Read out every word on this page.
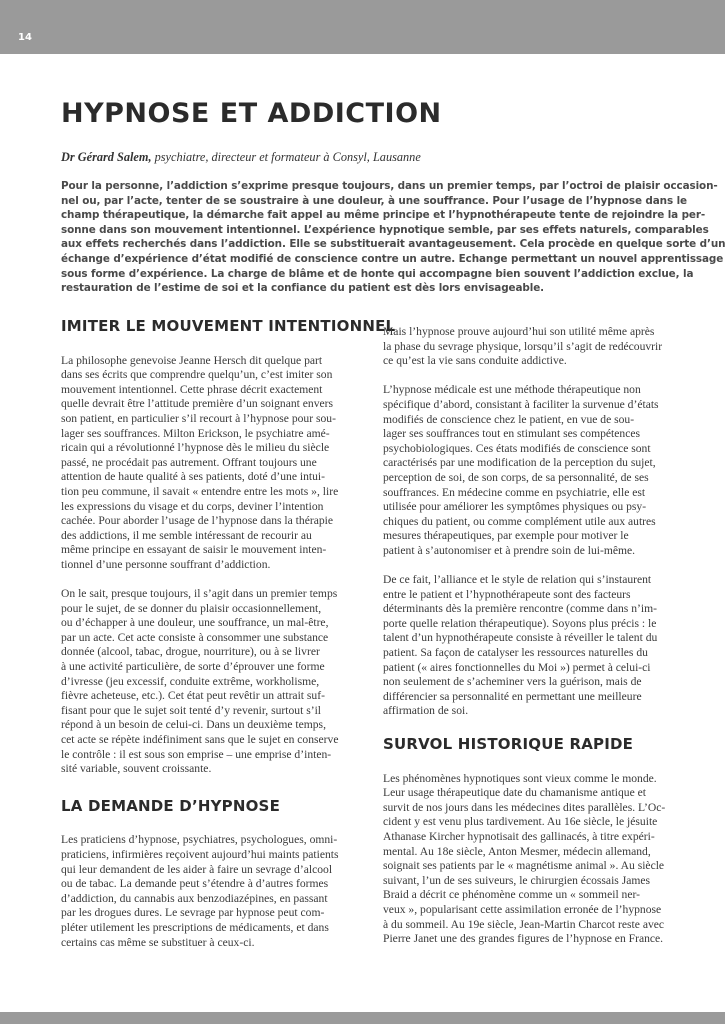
14
HYPNOSE ET ADDICTION

Dr Gérard Salem, psychiatre, directeur et formateur à Consyl, Lausanne

Pour la personne, l’addiction s’exprime presque toujours, dans un premier temps, par l’octroi de plaisir occasion-
nel ou, par l’acte, tenter de se soustraire à une douleur, à une souffrance. Pour l’usage de l’hypnose dans le
champ thérapeutique, la démarche fait appel au même principe et l’hypnothérapeute tente de rejoindre la per-
sonne dans son mouvement intentionnel. L’expérience hypnotique semble, par ses effets naturels, comparables
aux effets recherchés dans l’addiction. Elle se substituerait avantageusement. Cela procède en quelque sorte d’un
échange d’expérience d’état modifié de conscience contre un autre. Echange permettant un nouvel apprentissage
sous forme d’expérience. La charge de blâme et de honte qui accompagne bien souvent l’addiction exclue, la
restauration de l’estime de soi et la confiance du patient est dès lors envisageable.
IMITER LE MOUVEMENT INTENTIONNEL

La philosophe genevoise Jeanne Hersch dit quelque part
dans ses écrits que comprendre quelqu’un, c’est imiter son
mouvement intentionnel. Cette phrase décrit exactement
quelle devrait être l’attitude première d’un soignant envers
son patient, en particulier s’il recourt à l’hypnose pour sou-
lager ses souffrances. Milton Erickson, le psychiatre amé-
ricain qui a révolutionné l’hypnose dès le milieu du siècle
passé, ne procédait pas autrement. Offrant toujours une
attention de haute qualité à ses patients, doté d’une intui-
tion peu commune, il savait « entendre entre les mots », lire
les expressions du visage et du corps, deviner l’intention
cachée. Pour aborder l’usage de l’hypnose dans la thérapie
des addictions, il me semble intéressant de recourir au
même principe en essayant de saisir le mouvement inten-
tionnel d’une personne souffrant d’addiction.

On le sait, presque toujours, il s’agit dans un premier temps
pour le sujet, de se donner du plaisir occasionnellement,
ou d’échapper à une douleur, une souffrance, un mal-être,
par un acte. Cet acte consiste à consommer une substance
donnée (alcool, tabac, drogue, nourriture), ou à se livrer
à une activité particulière, de sorte d’éprouver une forme
d’ivresse (jeu excessif, conduite extrême, workholisme,
fièvre acheteuse, etc.). Cet état peut revêtir un attrait suf-
fisant pour que le sujet soit tenté d’y revenir, surtout s’il
répond à un besoin de celui-ci. Dans un deuxième temps,
cet acte se répète indéfiniment sans que le sujet en conserve
le contrôle : il est sous son emprise – une emprise d’inten-
sité variable, souvent croissante.

LA DEMANDE D’HYPNOSE

Les praticiens d’hypnose, psychiatres, psychologues, omni-
praticiens, infirmières reçoivent aujourd’hui maints patients
qui leur demandent de les aider à faire un sevrage d’alcool
ou de tabac. La demande peut s’étendre à d’autres formes
d’addiction, du cannabis aux benzodiazépines, en passant
par les drogues dures. Le sevrage par hypnose peut com-
pléter utilement les prescriptions de médicaments, et dans
certains cas même se substituer à ceux-ci.

Mais l’hypnose prouve aujourd’hui son utilité même après
la phase du sevrage physique, lorsqu’il s’agit de redécouvrir
ce qu’est la vie sans conduite addictive.

L’hypnose médicale est une méthode thérapeutique non
spécifique d’abord, consistant à faciliter la survenue d’états
modifiés de conscience chez le patient, en vue de sou-
lager ses souffrances tout en stimulant ses compétences
psychobiologiques. Ces états modifiés de conscience sont
caractérisés par une modification de la perception du sujet,
perception de soi, de son corps, de sa personnalité, de ses
souffrances. En médecine comme en psychiatrie, elle est
utilisée pour améliorer les symptômes physiques ou psy-
chiques du patient, ou comme complément utile aux autres
mesures thérapeutiques, par exemple pour motiver le
patient à s’autonomiser et à prendre soin de lui-même.

De ce fait, l’alliance et le style de relation qui s’instaurent
entre le patient et l’hypnothérapeute sont des facteurs
déterminants dès la première rencontre (comme dans n’im-
porte quelle relation thérapeutique). Soyons plus précis : le
talent d’un hypnothérapeute consiste à réveiller le talent du
patient. Sa façon de catalyser les ressources naturelles du
patient (« aires fonctionnelles du Moi ») permet à celui-ci
non seulement de s’acheminer vers la guérison, mais de
différencier sa personnalité en permettant une meilleure
affirmation de soi.

SURVOL HISTORIQUE RAPIDE

Les phénomènes hypnotiques sont vieux comme le monde.
Leur usage thérapeutique date du chamanisme antique et
survit de nos jours dans les médecines dites parallèles. L’Oc-
cident y est venu plus tardivement. Au 16e siècle, le jésuite
Athanase Kircher hypnotisait des gallinacés, à titre expéri-
mental. Au 18e siècle, Anton Mesmer, médecin allemand,
soignait ses patients par le « magnétisme animal ». Au siècle
suivant, l’un de ses suiveurs, le chirurgien écossais James
Braid a décrit ce phénomène comme un « sommeil ner-
veux », popularisant cette assimilation erronée de l’hypnose
à du sommeil. Au 19e siècle, Jean-Martin Charcot reste avec
Pierre Janet une des grandes figures de l’hypnose en France.
